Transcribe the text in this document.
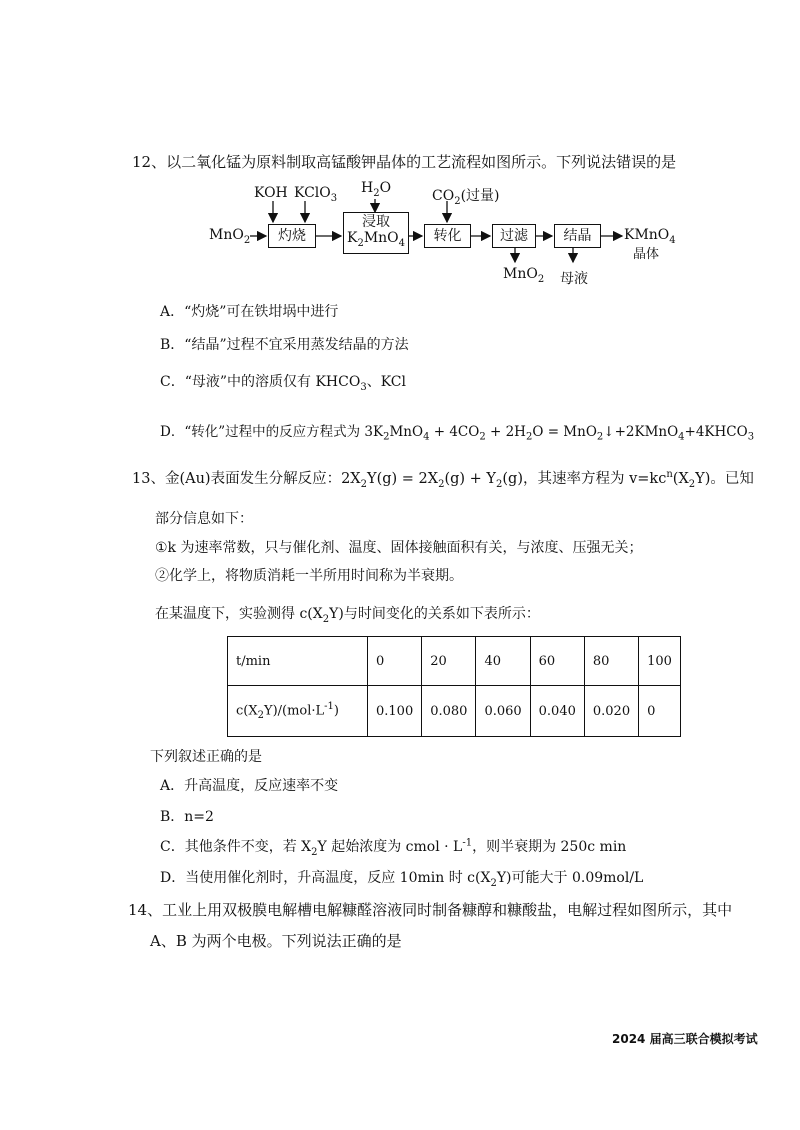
12、以二氧化锰为原料制取高锰酸钾晶体的工艺流程如图所示。下列说法错误的是
KOH KClO$_3$
$H_2O$	$CO_2$(过量)
MnO$_2$ 灼烧
浸取
$K_2MnO_4$ 转化	过滤	结晶 KMnO$_4$
晶体
MnO$_2$ 母液
A．“灼烧”可在铁坩埚中进行
B．“结晶”过程不宜采用蒸发结晶的方法
C．“母液”中的溶质仅有 $KHCO_3$、KCl
D．“转化”过程中的反应方程式为 $3K_2MnO_4 + 4CO_2 + 2H_2O$ = $MnO_2↓+2KMnO_4+4KHCO_3$
13、金(Au)表面发生分解反应：$2X_2Y(g) = 2X_2(g) + Y_2(g)$，其速率方程为 $v=kc^n(X_2Y)$。已知
部分信息如下：
①k 为速率常数，只与催化剂、温度、固体接触面积有关，与浓度、压强无关；
②化学上，将物质消耗一半所用时间称为半衰期。
在某温度下，实验测得 $c(X_2Y)$与时间变化的关系如下表所示：
t/min	0	20	40	60	80	100
$c(X_2Y)/(mol\cdot L^{-1})$	0.100	0.080	0.060	0.040	0.020	0
下列叙述正确的是
A．升高温度，反应速率不变
B．n=2
C．其他条件不变，若 $X_2Y$ 起始浓度为 cmol · $L^{-1}$，则半衰期为 250c min
D．当使用催化剂时，升高温度，反应 10min 时 $c(X_2Y)$可能大于 0.09mol/L
14、工业上用双极膜电解槽电解糠醛溶液同时制备糠醇和糠酸盐，电解过程如图所示，其中
A、B 为两个电极。下列说法正确的是
2024 届高三联合模拟考试
